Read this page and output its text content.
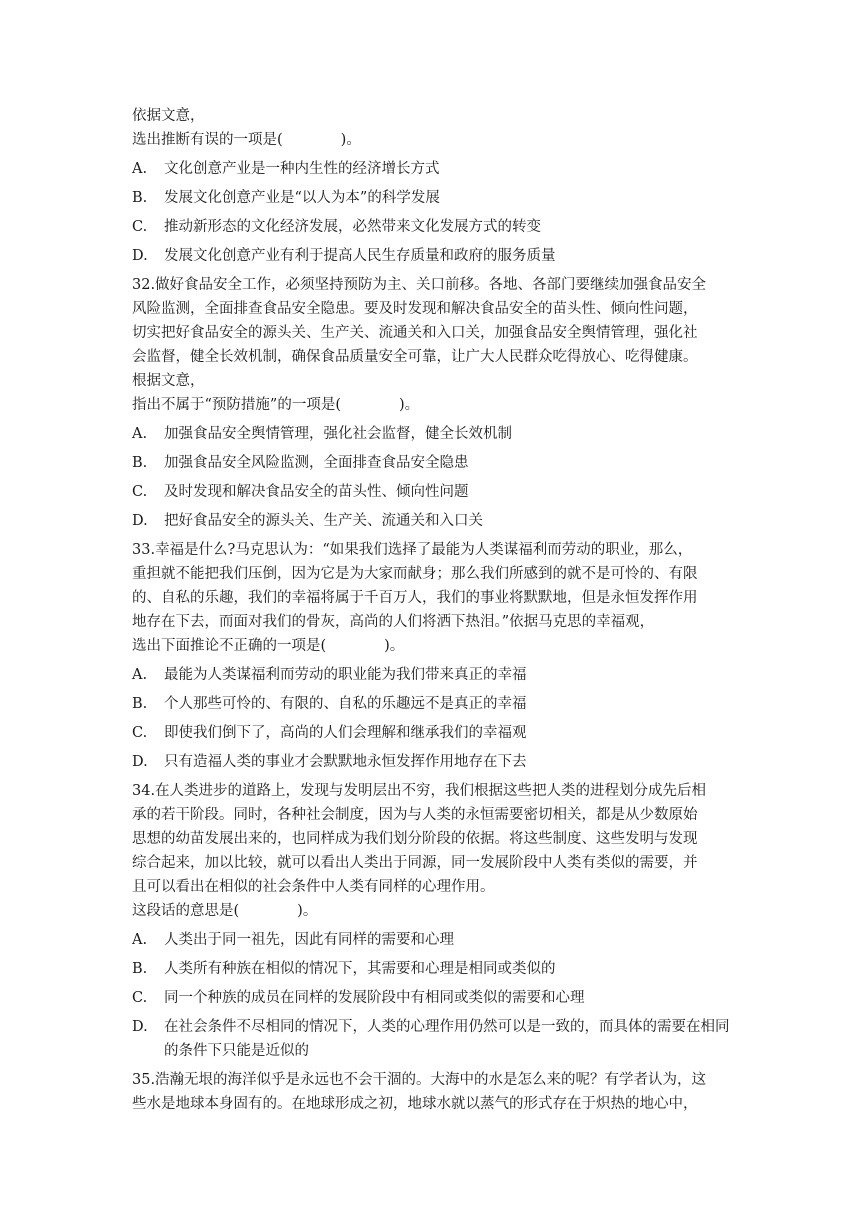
依据文意，
选出推断有误的一项是(　　　　)。
A.	文化创意产业是一种内生性的经济增长方式
B.	发展文化创意产业是“以人为本”的科学发展
C.	推动新形态的文化经济发展，必然带来文化发展方式的转变
D.	发展文化创意产业有利于提高人民生存质量和政府的服务质量
32.做好食品安全工作，必须坚持预防为主、关口前移。各地、各部门要继续加强食品安全
风险监测，全面排查食品安全隐患。要及时发现和解决食品安全的苗头性、倾向性问题，
切实把好食品安全的源头关、生产关、流通关和入口关，加强食品安全舆情管理，强化社
会监督，健全长效机制，确保食品质量安全可靠，让广大人民群众吃得放心、吃得健康。
根据文意，
指出不属于“预防措施”的一项是(　　　　)。
A.	加强食品安全舆情管理，强化社会监督，健全长效机制
B.	加强食品安全风险监测，全面排查食品安全隐患
C.	及时发现和解决食品安全的苗头性、倾向性问题
D.	把好食品安全的源头关、生产关、流通关和入口关
33.幸福是什么?马克思认为：“如果我们选择了最能为人类谋福利而劳动的职业，那么，
重担就不能把我们压倒，因为它是为大家而献身；那么我们所感到的就不是可怜的、有限
的、自私的乐趣，我们的幸福将属于千百万人，我们的事业将默默地，但是永恒发挥作用
地存在下去，而面对我们的骨灰，高尚的人们将洒下热泪。”依据马克思的幸福观，
选出下面推论不正确的一项是(　　　　)。
A.	最能为人类谋福利而劳动的职业能为我们带来真正的幸福
B.	个人那些可怜的、有限的、自私的乐趣远不是真正的幸福
C.	即使我们倒下了，高尚的人们会理解和继承我们的幸福观
D.	只有造福人类的事业才会默默地永恒发挥作用地存在下去
34.在人类进步的道路上，发现与发明层出不穷，我们根据这些把人类的进程划分成先后相
承的若干阶段。同时，各种社会制度，因为与人类的永恒需要密切相关，都是从少数原始
思想的幼苗发展出来的，也同样成为我们划分阶段的依据。将这些制度、这些发明与发现
综合起来，加以比较，就可以看出人类出于同源，同一发展阶段中人类有类似的需要，并
且可以看出在相似的社会条件中人类有同样的心理作用。
这段话的意思是(　　　　)。
A.	人类出于同一祖先，因此有同样的需要和心理
B.	人类所有种族在相似的情况下，其需要和心理是相同或类似的
C.	同一个种族的成员在同样的发展阶段中有相同或类似的需要和心理
D.	在社会条件不尽相同的情况下，人类的心理作用仍然可以是一致的，而具体的需要在相同的条件下只能是近似的
35.浩瀚无垠的海洋似乎是永远也不会干涸的。大海中的水是怎么来的呢？有学者认为，这
些水是地球本身固有的。在地球形成之初，地球水就以蒸气的形式存在于炽热的地心中，
